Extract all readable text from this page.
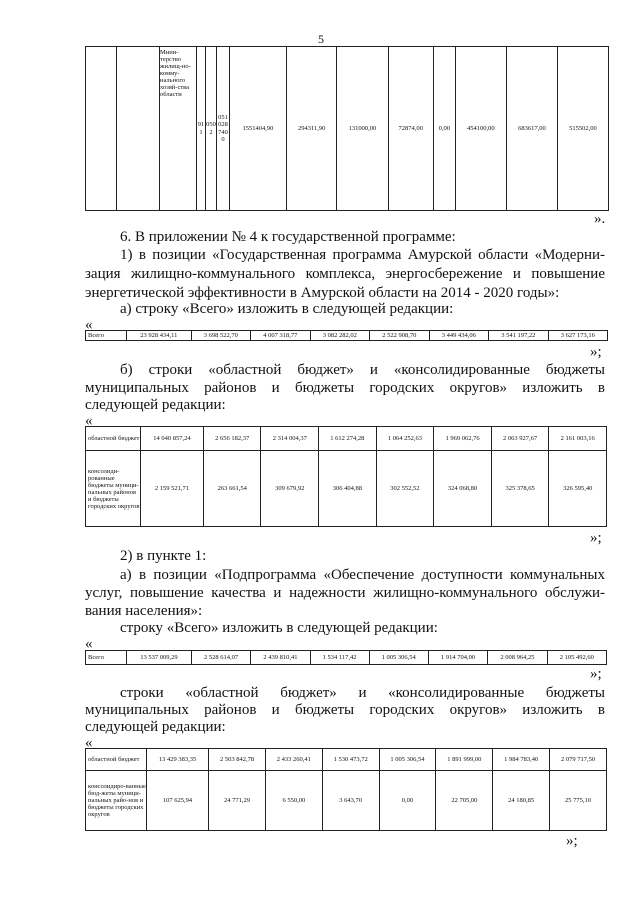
5
		Мини-терство жилищ-но-комму-нального хозяй-ства области	911	0502	0510287400	1551404,90	294311,90	131000,00	72874,00	0,00	454100,00	683617,00	515502,00
».
6. В приложении № 4 к государственной программе:
1) в позиции «Государственная программа Амурской области «Модерни-
зация жилищно-коммунального комплекса, энергосбережение и повышение
энергетической эффективности в Амурской области на 2014 - 2020 годы»:
а) строку «Всего» изложить в следующей редакции:
«
Всего	23 928 434,11	3 698 522,70	4 007 318,77	3 082 282,02	2 522 908,70	3 449 434,06	3 541 197,22	3 627 173,16
»;
б) строки «областной бюджет» и «консолидированные бюджеты
муниципальных районов и бюджеты городских округов» изложить в
следующей редакции:
«
областной бюджет	14 040 857,24	2 656 182,37	2 314 004,37	1 612 274,28	1 064 252,63	1 969 062,76	2 063 927,67	2 161 003,16
консолиди-рованные бюджеты муници-пальных районов и бюджеты городских округов	2 159 521,71	263 661,54	309 679,92	306 404,88	302 552,52	324 068,80	325 378,65	326 595,40
»;
2) в пункте 1:
а) в позиции «Подпрограмма «Обеспечение доступности коммунальных
услуг, повышение качества и надежности жилищно-коммунального обслужи-
вания населения»:
строку «Всего» изложить в следующей редакции:
«
Всего	13 537 009,29	2 528 614,07	2 439 810,41	1 534 117,42	1 005 306,54	1 914 704,00	2 008 964,25	2 105 492,60
»;
строки «областной бюджет» и «консолидированные бюджеты
муниципальных районов и бюджеты городских округов» изложить в
следующей редакции:
«
областной бюджет	13 429 383,35	2 503 842,78	2 433 260,41	1 530 473,72	1 005 306,54	1 891 999,00	1 984 783,40	2 079 717,50
консолидиро-ванные бюд-жеты муници-пальных райо-нов и бюджеты городских округов	107 625,94	24 771,29	6 550,00	3 643,70	0,00	22 705,00	24 180,85	25 775,10
»;
